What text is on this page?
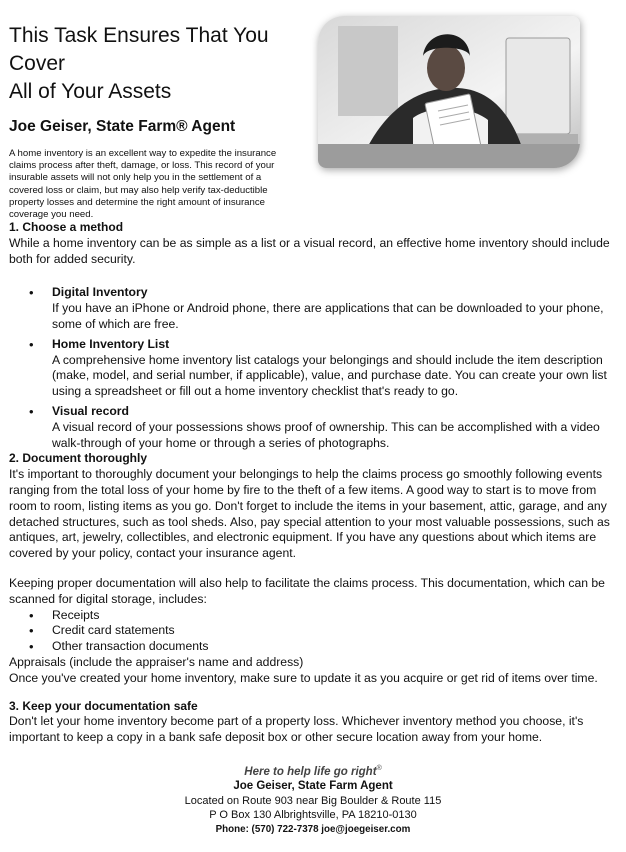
This Task Ensures That You
Cover
All of Your Assets
Joe Geiser, State Farm® Agent

A home inventory is an excellent way to expedite the insurance claims process after theft, damage, or loss. This record of your insurable assets will not only help you in the settlement of a covered loss or claim, but may also help verify tax-deductible property losses and determine the right amount of insurance coverage you need.

1. Choose a method

While a home inventory can be as simple as a list or a visual record, an effective home inventory should include both for added security.

• Digital Inventory
If you have an iPhone or Android phone, there are applications that can be downloaded to your phone, some of which are free.
• Home Inventory List
A comprehensive home inventory list catalogs your belongings and should include the item description (make, model, and serial number, if applicable), value, and purchase date. You can create your own list using a spreadsheet or fill out a home inventory checklist that's ready to go.
• Visual record
A visual record of your possessions shows proof of ownership. This can be accomplished with a video walk-through of your home or through a series of photographs.

2. Document thoroughly

It's important to thoroughly document your belongings to help the claims process go smoothly following events ranging from the total loss of your home by fire to the theft of a few items. A good way to start is to move from room to room, listing items as you go. Don't forget to include the items in your basement, attic, garage, and any detached structures, such as tool sheds. Also, pay special attention to your most valuable possessions, such as antiques, art, jewelry, collectibles, and electronic equipment. If you have any questions about which items are covered by your policy, contact your insurance agent.

Keeping proper documentation will also help to facilitate the claims process. This documentation, which can be scanned for digital storage, includes:

• Receipts
• Credit card statements
• Other transaction documents

Appraisals (include the appraiser's name and address)

Once you've created your home inventory, make sure to update it as you acquire or get rid of items over time.

3. Keep your documentation safe

Don't let your home inventory become part of a property loss. Whichever inventory method you choose, it's important to keep a copy in a bank safe deposit box or other secure location away from your home.

Here to help life go right®
Joe Geiser, State Farm Agent
Located on Route 903 near Big Boulder & Route 115
P O Box 130 Albrightsville, PA 18210-0130
Phone: (570) 722-7378 joe@joegeiser.com
